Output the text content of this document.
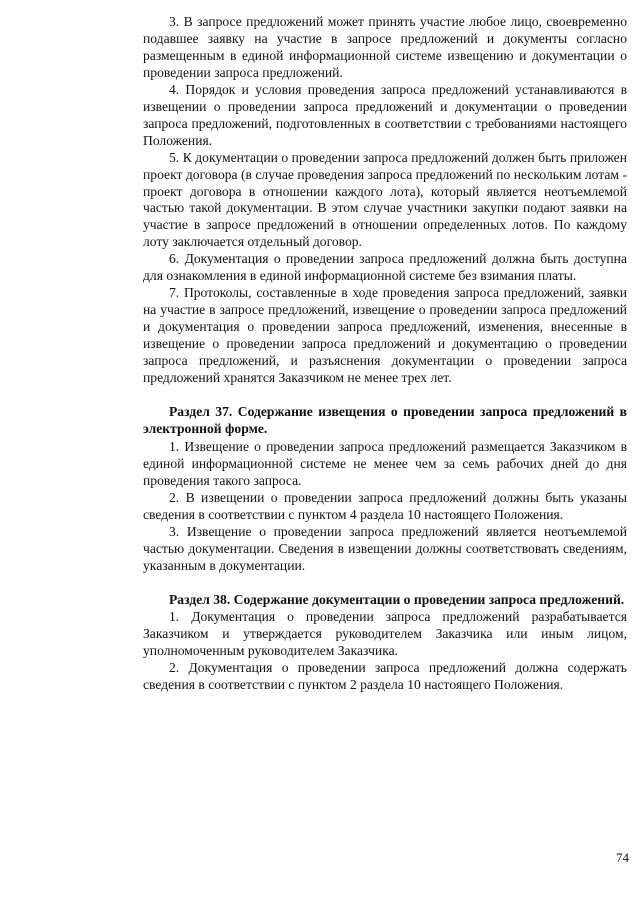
3. В запросе предложений может принять участие любое лицо, своевременно подавшее заявку на участие в запросе предложений и документы согласно размещенным в единой информационной системе извещению и документации о проведении запроса предложений.

4. Порядок и условия проведения запроса предложений устанавливаются в извещении о проведении запроса предложений и документации о проведении запроса предложений, подготовленных в соответствии с требованиями настоящего Положения.

5. К документации о проведении запроса предложений должен быть приложен проект договора (в случае проведения запроса предложений по нескольким лотам - проект договора в отношении каждого лота), который является неотъемлемой частью такой документации. В этом случае участники закупки подают заявки на участие в запросе предложений в отношении определенных лотов. По каждому лоту заключается отдельный договор.

6. Документация о проведении запроса предложений должна быть доступна для ознакомления в единой информационной системе без взимания платы.

7. Протоколы, составленные в ходе проведения запроса предложений, заявки на участие в запросе предложений, извещение о проведении запроса предложений и документация о проведении запроса предложений, изменения, внесенные в извещение о проведении запроса предложений и документацию о проведении запроса предложений, и разъяснения документации о проведении запроса предложений хранятся Заказчиком не менее трех лет.

Раздел 37. Содержание извещения о проведении запроса предложений в электронной форме.

1. Извещение о проведении запроса предложений размещается Заказчиком в единой информационной системе не менее чем за семь рабочих дней до дня проведения такого запроса.

2. В извещении о проведении запроса предложений должны быть указаны сведения в соответствии с пунктом 4 раздела 10 настоящего Положения.

3. Извещение о проведении запроса предложений является неотъемлемой частью документации. Сведения в извещении должны соответствовать сведениям, указанным в документации.

Раздел 38. Содержание документации о проведении запроса предложений.

1. Документация о проведении запроса предложений разрабатывается Заказчиком и утверждается руководителем Заказчика или иным лицом, уполномоченным руководителем Заказчика.

2. Документация о проведении запроса предложений должна содержать сведения в соответствии с пунктом 2 раздела 10 настоящего Положения.

74
